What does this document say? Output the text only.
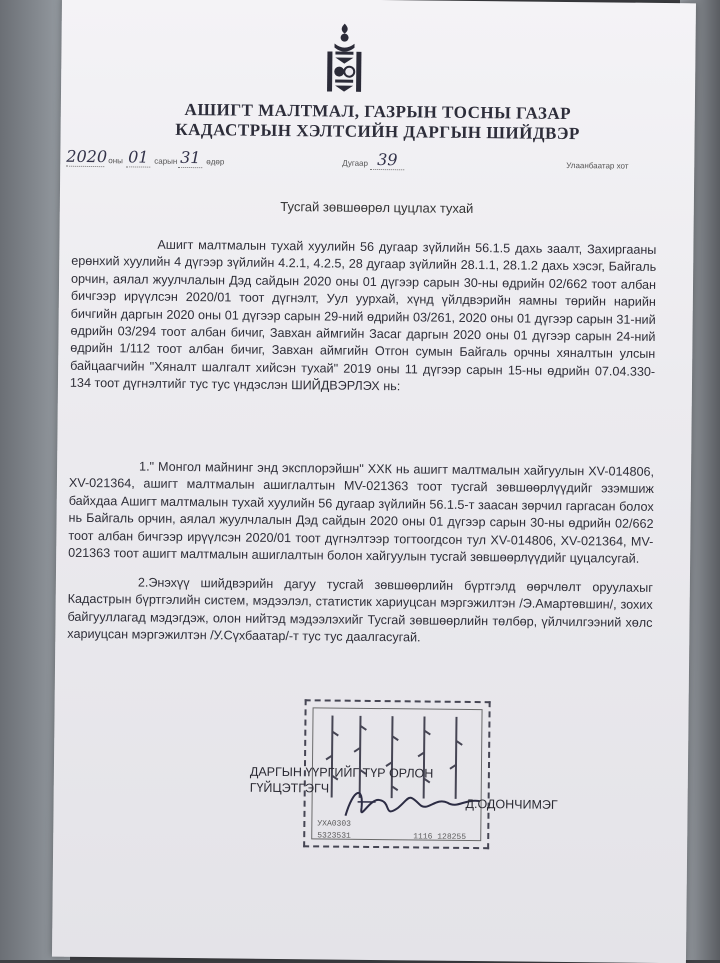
АШИГТ МАЛТМАЛ, ГАЗРЫН ТОСНЫ ГАЗАР
КАДАСТРЫН ХЭЛТСИЙН ДАРГЫН ШИЙДВЭР
2020 оны 01 сарын 31 өдөр	Дугаар 39	Улаанбаатар хот
Тусгай зөвшөөрөл цуцлах тухай
Ашигт малтмалын тухай хуулийн 56 дугаар зүйлийн 56.1.5 дахь заалт, Захиргааны ерөнхий хуулийн 4 дүгээр зүйлийн 4.2.1, 4.2.5, 28 дугаар зүйлийн 28.1.1, 28.1.2 дахь хэсэг, Байгаль орчин, аялал жуулчлалын Дэд сайдын 2020 оны 01 дүгээр сарын 30-ны өдрийн 02/662 тоот албан бичгээр ирүүлсэн 2020/01 тоот дүгнэлт, Уул уурхай, хүнд үйлдвэрийн яамны төрийн нарийн бичгийн даргын 2020 оны 01 дүгээр сарын 29-ний өдрийн 03/261, 2020 оны 01 дүгээр сарын 31-ний өдрийн 03/294 тоот албан бичиг, Завхан аймгийн Засаг даргын 2020 оны 01 дүгээр сарын 24-ний өдрийн 1/112 тоот албан бичиг, Завхан аймгийн Отгон сумын Байгаль орчны хяналтын улсын байцаагчийн "Хяналт шалгалт хийсэн тухай" 2019 оны 11 дүгээр сарын 15-ны өдрийн 07.04.330-134 тоот дүгнэлтийг тус тус үндэслэн ШИЙДВЭРЛЭХ нь:
1." Монгол майнинг энд эксплорэйшн" ХХК нь ашигт малтмалын хайгуулын XV-014806, XV-021364, ашигт малтмалын ашиглалтын MV-021363 тоот тусгай зөвшөөрлүүдийг эзэмшиж байхдаа Ашигт малтмалын тухай хуулийн 56 дугаар зүйлийн 56.1.5-т заасан зөрчил гаргасан болох нь Байгаль орчин, аялал жуулчлалын Дэд сайдын 2020 оны 01 дүгээр сарын 30-ны өдрийн 02/662 тоот албан бичгээр ирүүлсэн 2020/01 тоот дүгнэлтээр тогтоогдсон тул XV-014806, XV-021364, MV-021363 тоот ашигт малтмалын ашиглалтын болон хайгуулын тусгай зөвшөөрлүүдийг цуцалсугай.
2.Энэхүү шийдвэрийн дагуу тусгай зөвшөөрлийн бүртгэлд өөрчлөлт оруулахыг Кадастрын бүртгэлийн систем, мэдээлэл, статистик хариуцсан мэргэжилтэн /Э.Амартөвшин/, зохих байгууллагад мэдэгдэж, олон нийтэд мэдээлэхийг Тусгай зөвшөөрлийн төлбөр, үйлчилгээний хөлс хариуцсан мэргэжилтэн /У.Сүхбаатар/-т тус тус даалгасугай.
УХА0303
5323531	1116 128255
ДАРГЫН ҮҮРГИЙГ ТҮР ОРЛОН
ГҮЙЦЭТГЭГЧ
Д.ОДОНЧИМЭГ
